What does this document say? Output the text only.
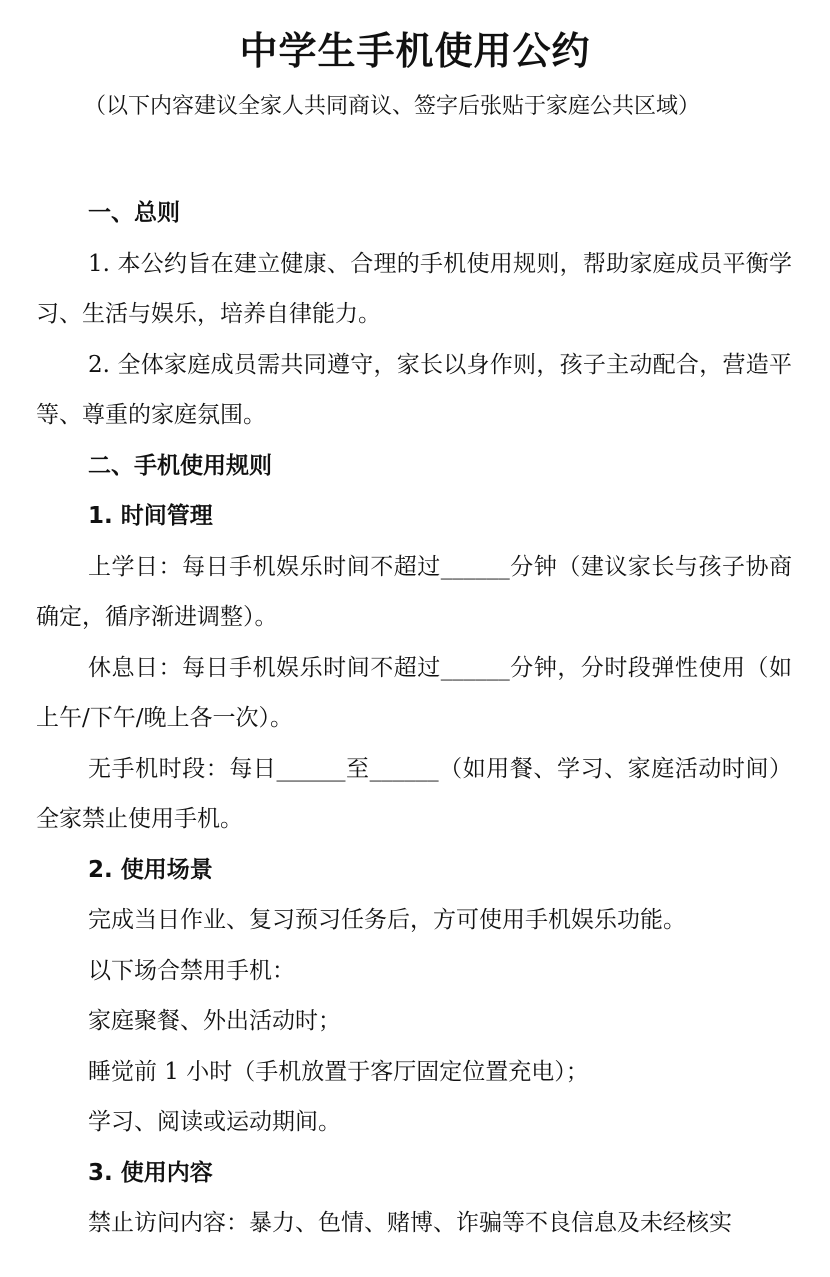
中学生手机使用公约
（以下内容建议全家人共同商议、签字后张贴于家庭公共区域）
一、总则

1. 本公约旨在建立健康、合理的手机使用规则，帮助家庭成员平衡学习、生活与娱乐，培养自律能力。

2. 全体家庭成员需共同遵守，家长以身作则，孩子主动配合，营造平等、尊重的家庭氛围。

二、手机使用规则
1. 时间管理

上学日：每日手机娱乐时间不超过______分钟（建议家长与孩子协商确定，循序渐进调整）。

休息日：每日手机娱乐时间不超过______分钟，分时段弹性使用（如上午/下午/晚上各一次）。

无手机时段：每日______至______（如用餐、学习、家庭活动时间）全家禁止使用手机。

2. 使用场景

完成当日作业、复习预习任务后，方可使用手机娱乐功能。

以下场合禁用手机：

家庭聚餐、外出活动时；

睡觉前 1 小时（手机放置于客厅固定位置充电）；

学习、阅读或运动期间。

3. 使用内容

禁止访问内容：暴力、色情、赌博、诈骗等不良信息及未经核实
